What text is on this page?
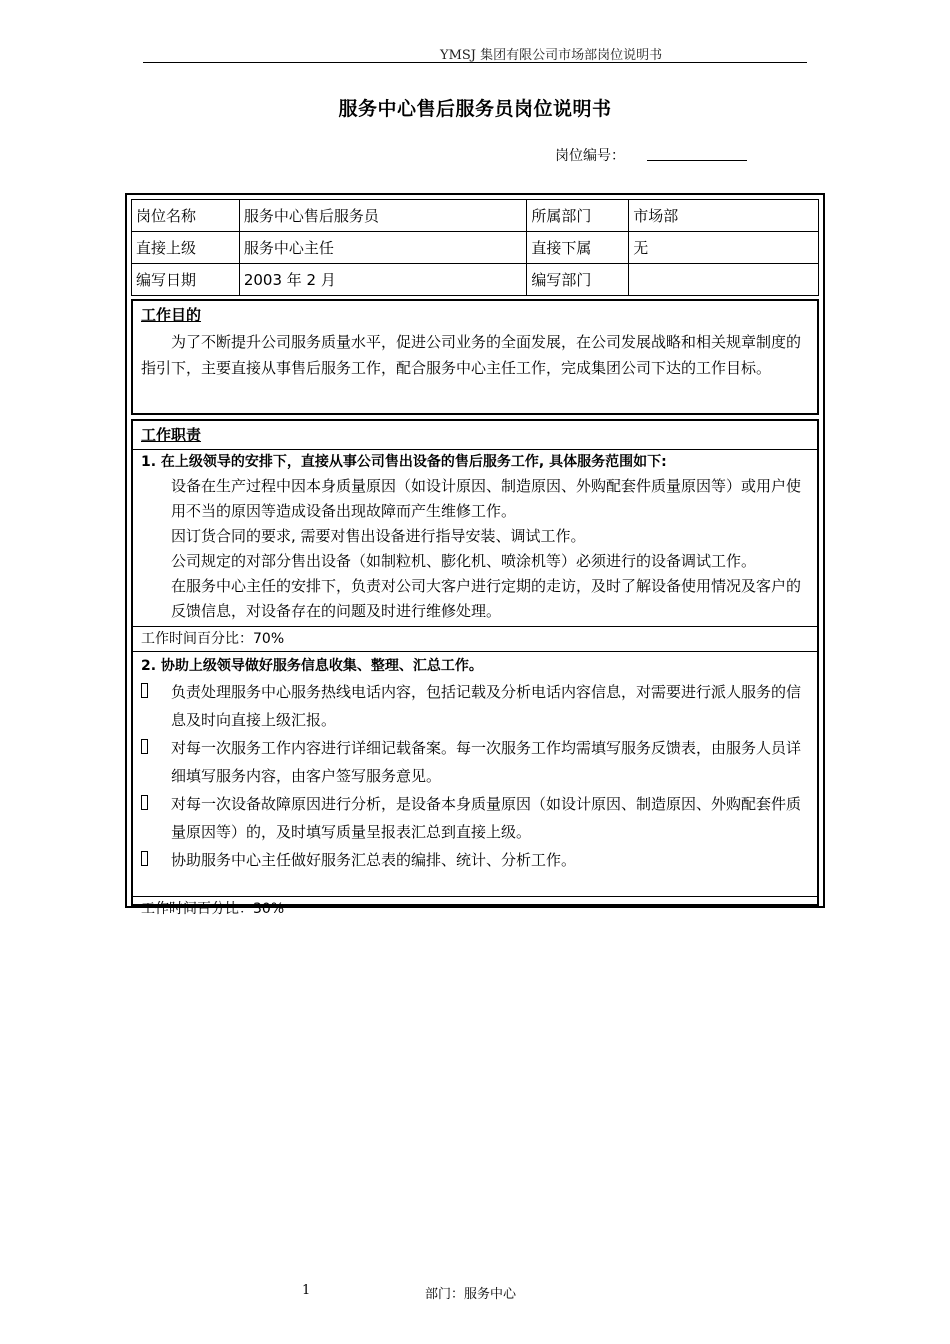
YMSJ 集团有限公司市场部岗位说明书
服务中心售后服务员岗位说明书
岗位编号：
岗位名称	服务中心售后服务员	所属部门	市场部
直接上级	服务中心主任	直接下属	无
编写日期	2003 年 2 月	编写部门	
工作目的
为了不断提升公司服务质量水平，促进公司业务的全面发展，在公司发展战略和相关规章制度的指引下，主要直接从事售后服务工作，配合服务中心主任工作，完成集团公司下达的工作目标。
工作职责
1. 在上级领导的安排下，直接从事公司售出设备的售后服务工作, 具体服务范围如下:
设备在生产过程中因本身质量原因（如设计原因、制造原因、外购配套件质量原因等）或用户使用不当的原因等造成设备出现故障而产生维修工作。
因订货合同的要求, 需要对售出设备进行指导安装、调试工作。
公司规定的对部分售出设备（如制粒机、膨化机、喷涂机等）必须进行的设备调试工作。
在服务中心主任的安排下，负责对公司大客户进行定期的走访，及时了解设备使用情况及客户的反馈信息，对设备存在的问题及时进行维修处理。
工作时间百分比：70%
2. 协助上级领导做好服务信息收集、整理、汇总工作。
负责处理服务中心服务热线电话内容，包括记载及分析电话内容信息，对需要进行派人服务的信息及时向直接上级汇报。
对每一次服务工作内容进行详细记载备案。每一次服务工作均需填写服务反馈表，由服务人员详细填写服务内容，由客户签写服务意见。
对每一次设备故障原因进行分析，是设备本身质量原因（如设计原因、制造原因、外购配套件质量原因等）的，及时填写质量呈报表汇总到直接上级。
协助服务中心主任做好服务汇总表的编排、统计、分析工作。
工作时间百分比：30%
1	部门：服务中心
